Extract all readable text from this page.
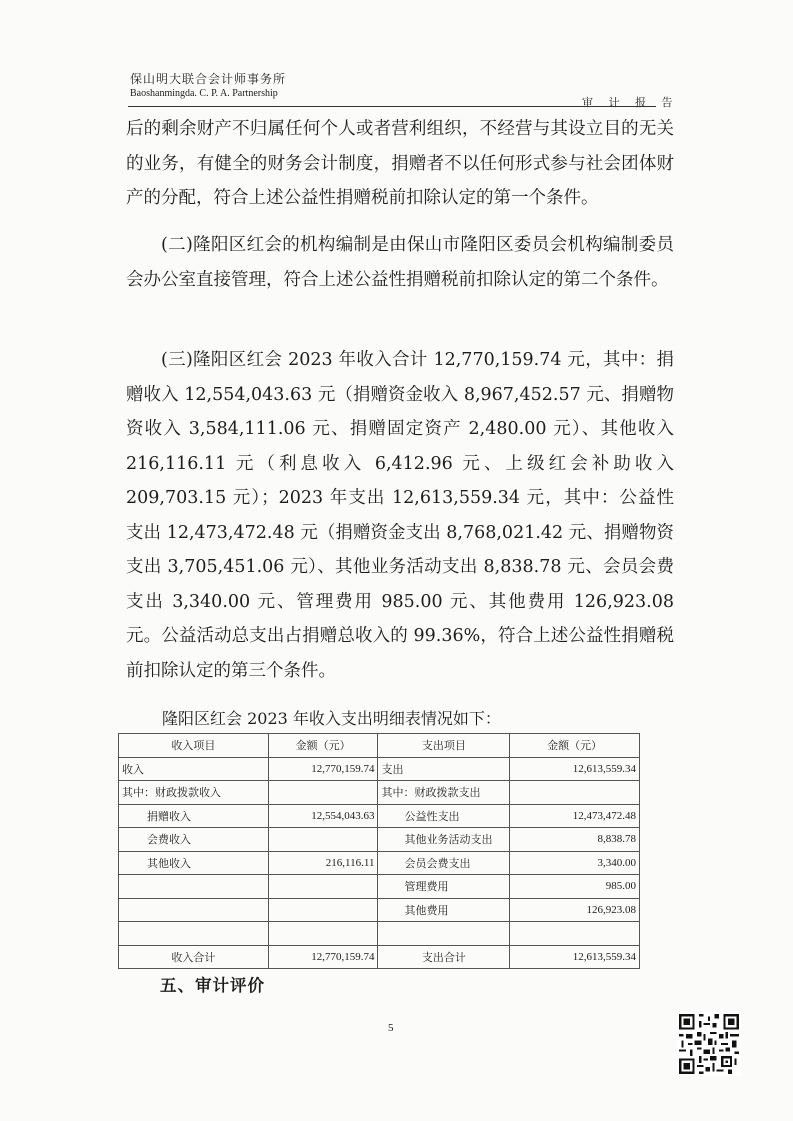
保山明大联合会计师事务所
Baoshanmingda. C. P. A. Partnership
审 计 报 告

后的剩余财产不归属任何个人或者营利组织，不经营与其设立目的无关的业务，有健全的财务会计制度，捐赠者不以任何形式参与社会团体财产的分配，符合上述公益性捐赠税前扣除认定的第一个条件。

(二)隆阳区红会的机构编制是由保山市隆阳区委员会机构编制委员会办公室直接管理，符合上述公益性捐赠税前扣除认定的第二个条件。

(三)隆阳区红会 2023 年收入合计 12,770,159.74 元，其中：捐赠收入 12,554,043.63 元（捐赠资金收入 8,967,452.57 元、捐赠物资收入 3,584,111.06 元、捐赠固定资产 2,480.00 元）、其他收入 216,116.11 元（利息收入 6,412.96 元、上级红会补助收入 209,703.15 元）；2023 年支出 12,613,559.34 元，其中：公益性支出 12,473,472.48 元（捐赠资金支出 8,768,021.42 元、捐赠物资支出 3,705,451.06 元）、其他业务活动支出 8,838.78 元、会员会费支出 3,340.00 元、管理费用 985.00 元、其他费用 126,923.08 元。公益活动总支出占捐赠总收入的 99.36%，符合上述公益性捐赠税前扣除认定的第三个条件。

隆阳区红会 2023 年收入支出明细表情况如下：
收入项目	金额（元）	支出项目	金额（元）
收入	12,770,159.74	支出	12,613,559.34
其中：财政拨款收入		其中：财政拨款支出	
捐赠收入	12,554,043.63	公益性支出	12,473,472.48
会费收入		其他业务活动支出	8,838.78
其他收入	216,116.11	会员会费支出	3,340.00
		管理费用	985.00
		其他费用	126,923.08

收入合计	12,770,159.74	支出合计	12,613,559.34
五、审计评价
5
